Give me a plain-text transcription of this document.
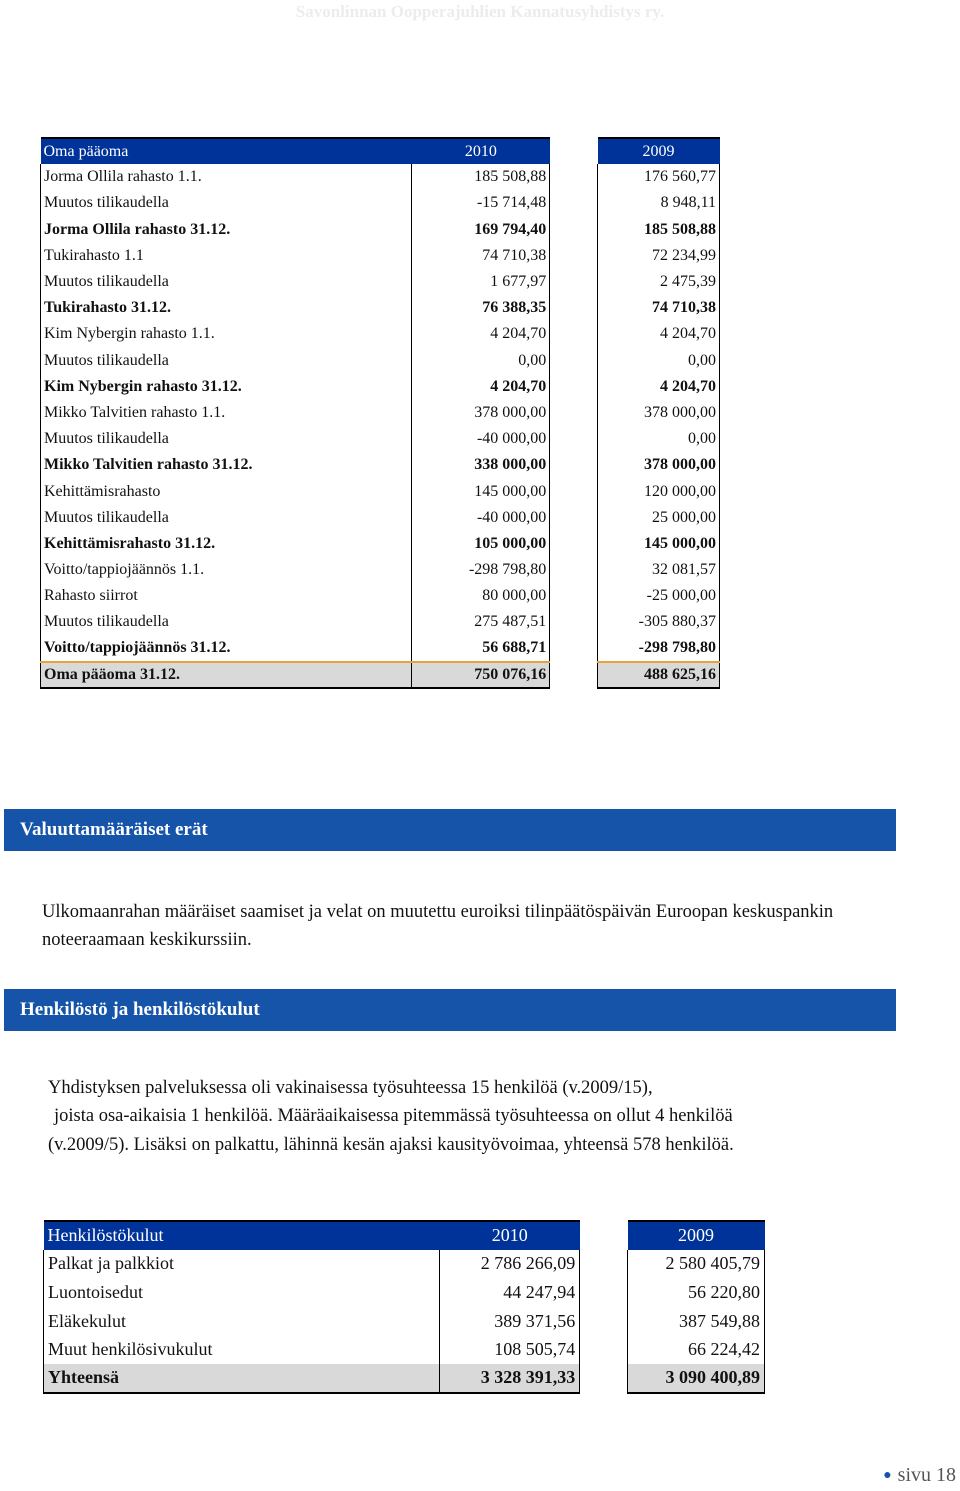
Savonlinnan Oopperajuhlien Kannatusyhdistys ry.
Oma pääoma	2010		2009
Jorma Ollila rahasto 1.1.	185 508,88		176 560,77
Muutos tilikaudella	-15 714,48		8 948,11
Jorma Ollila rahasto 31.12.	169 794,40		185 508,88
Tukirahasto 1.1	74 710,38		72 234,99
Muutos tilikaudella	1 677,97		2 475,39
Tukirahasto 31.12.	76 388,35		74 710,38
Kim Nybergin rahasto 1.1.	4 204,70		4 204,70
Muutos tilikaudella	0,00		0,00
Kim Nybergin rahasto 31.12.	4 204,70		4 204,70
Mikko Talvitien rahasto 1.1.	378 000,00		378 000,00
Muutos tilikaudella	-40 000,00		0,00
Mikko Talvitien rahasto 31.12.	338 000,00		378 000,00
Kehittämisrahasto	145 000,00		120 000,00
Muutos tilikaudella	-40 000,00		25 000,00
Kehittämisrahasto 31.12.	105 000,00		145 000,00
Voitto/tappiojäännös 1.1.	-298 798,80		32 081,57
Rahasto siirrot	80 000,00		-25 000,00
Muutos tilikaudella	275 487,51		-305 880,37
Voitto/tappiojäännös 31.12.	56 688,71		-298 798,80
Oma pääoma 31.12.	750 076,16		488 625,16
Valuuttamääräiset erät
Ulkomaanrahan määräiset saamiset ja velat on muutettu euroiksi tilinpäätöspäivän Euroopan keskuspankin noteeraamaan keskikurssiin.
Henkilöstö ja henkilöstökulut
Yhdistyksen palveluksessa oli vakinaisessa työsuhteessa 15 henkilöä (v.2009/15),
joista osa-aikaisia 1 henkilöä. Määräaikaisessa pitemmässä työsuhteessa on ollut 4 henkilöä
(v.2009/5). Lisäksi on palkattu, lähinnä kesän ajaksi kausityövoimaa, yhteensä 578 henkilöä.
Henkilöstökulut	2010		2009
Palkat ja palkkiot	2 786 266,09		2 580 405,79
Luontoisedut	44 247,94		56 220,80
Eläkekulut	389 371,56		387 549,88
Muut henkilösivukulut	108 505,74		66 224,42
Yhteensä	3 328 391,33		3 090 400,89
● sivu 18
